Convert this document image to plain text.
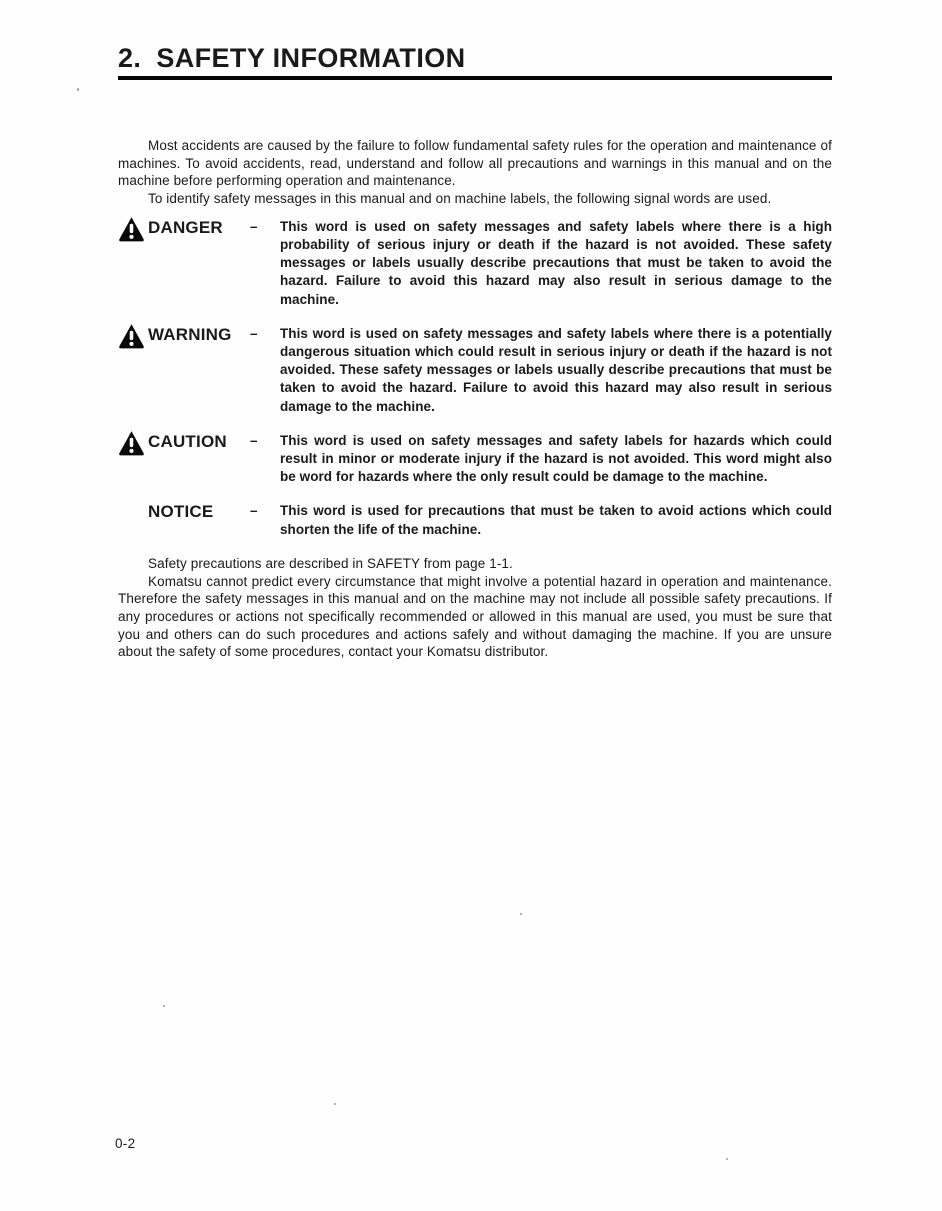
2. SAFETY INFORMATION

Most accidents are caused by the failure to follow fundamental safety rules for the operation and maintenance of machines. To avoid accidents, read, understand and follow all precautions and warnings in this manual and on the machine before performing operation and maintenance.

To identify safety messages in this manual and on machine labels, the following signal words are used.

DANGER –	This word is used on safety messages and safety labels where there is a high probability of serious injury or death if the hazard is not avoided. These safety messages or labels usually describe precautions that must be taken to avoid the hazard. Failure to avoid this hazard may also result in serious damage to the machine.
WARNING –	This word is used on safety messages and safety labels where there is a potentially dangerous situation which could result in serious injury or death if the hazard is not avoided. These safety messages or labels usually describe precautions that must be taken to avoid the hazard. Failure to avoid this hazard may also result in serious damage to the machine.
CAUTION –	This word is used on safety messages and safety labels for hazards which could result in minor or moderate injury if the hazard is not avoided. This word might also be word for hazards where the only result could be damage to the machine.
NOTICE	–	This word is used for precautions that must be taken to avoid actions which could shorten the life of the machine.

Safety precautions are described in SAFETY from page 1-1.

Komatsu cannot predict every circumstance that might involve a potential hazard in operation and maintenance. Therefore the safety messages in this manual and on the machine may not include all possible safety precautions. If any procedures or actions not specifically recommended or allowed in this manual are used, you must be sure that you and others can do such procedures and actions safely and without damaging the machine. If you are unsure about the safety of some procedures, contact your Komatsu distributor.

0-2
